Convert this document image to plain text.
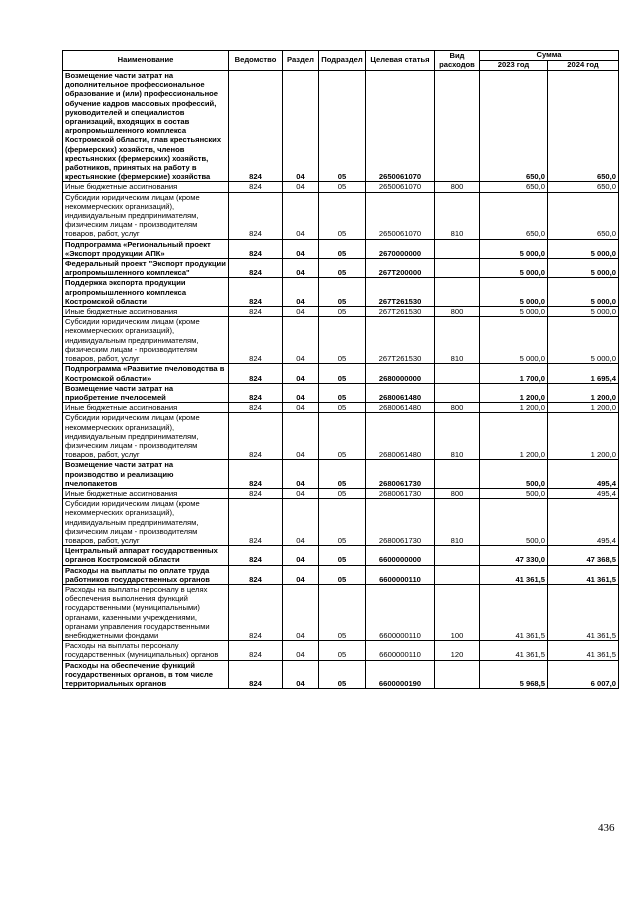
Наименование	Ведомство	Раздел	Подраздел	Целевая статья	Вид расходов	Сумма	
						2023 год	2024 год
Возмещение части затрат на дополнительное профессиональное образование и (или) профессиональное обучение кадров массовых профессий, руководителей и специалистов организаций, входящих в состав агропромышленного комплекса Костромской области, глав крестьянских (фермерских) хозяйств, членов крестьянских (фермерских) хозяйств, работников, принятых на работу в крестьянские (фермерские) хозяйства	824	04	05	2650061070		650,0	650,0
Иные бюджетные ассигнования	824	04	05	2650061070	800	650,0	650,0
Субсидии юридическим лицам (кроме некоммерческих организаций), индивидуальным предпринимателям, физическим лицам - производителям товаров, работ, услуг	824	04	05	2650061070	810	650,0	650,0
Подпрограмма «Региональный проект «Экспорт продукции АПК»	824	04	05	2670000000		5 000,0	5 000,0
Федеральный проект "Экспорт продукции агропромышленного комплекса"	824	04	05	267Т200000		5 000,0	5 000,0
Поддержка экспорта продукции агропромышленного комплекса Костромской области	824	04	05	267Т261530		5 000,0	5 000,0
Иные бюджетные ассигнования	824	04	05	267Т261530	800	5 000,0	5 000,0
Субсидии юридическим лицам (кроме некоммерческих организаций), индивидуальным предпринимателям, физическим лицам - производителям товаров, работ, услуг	824	04	05	267Т261530	810	5 000,0	5 000,0
Подпрограмма «Развитие пчеловодства в Костромской области»	824	04	05	2680000000		1 700,0	1 695,4
Возмещение части затрат на приобретение пчелосемей	824	04	05	2680061480		1 200,0	1 200,0
Иные бюджетные ассигнования	824	04	05	2680061480	800	1 200,0	1 200,0
Субсидии юридическим лицам (кроме некоммерческих организаций), индивидуальным предпринимателям, физическим лицам - производителям товаров, работ, услуг	824	04	05	2680061480	810	1 200,0	1 200,0
Возмещение части затрат на производство и реализацию пчелопакетов	824	04	05	2680061730		500,0	495,4
Иные бюджетные ассигнования	824	04	05	2680061730	800	500,0	495,4
Субсидии юридическим лицам (кроме некоммерческих организаций), индивидуальным предпринимателям, физическим лицам - производителям товаров, работ, услуг	824	04	05	2680061730	810	500,0	495,4
Центральный аппарат государственных органов Костромской области	824	04	05	6600000000		47 330,0	47 368,5
Расходы на выплаты по оплате труда работников государственных органов	824	04	05	6600000110		41 361,5	41 361,5
Расходы на выплаты персоналу в целях обеспечения выполнения функций государственными (муниципальными) органами, казенными учреждениями, органами управления государственными внебюджетными фондами	824	04	05	6600000110	100	41 361,5	41 361,5
Расходы на выплаты персоналу государственных (муниципальных) органов	824	04	05	6600000110	120	41 361,5	41 361,5
Расходы на обеспечение функций государственных органов, в том числе территориальных органов	824	04	05	6600000190		5 968,5	6 007,0
436
